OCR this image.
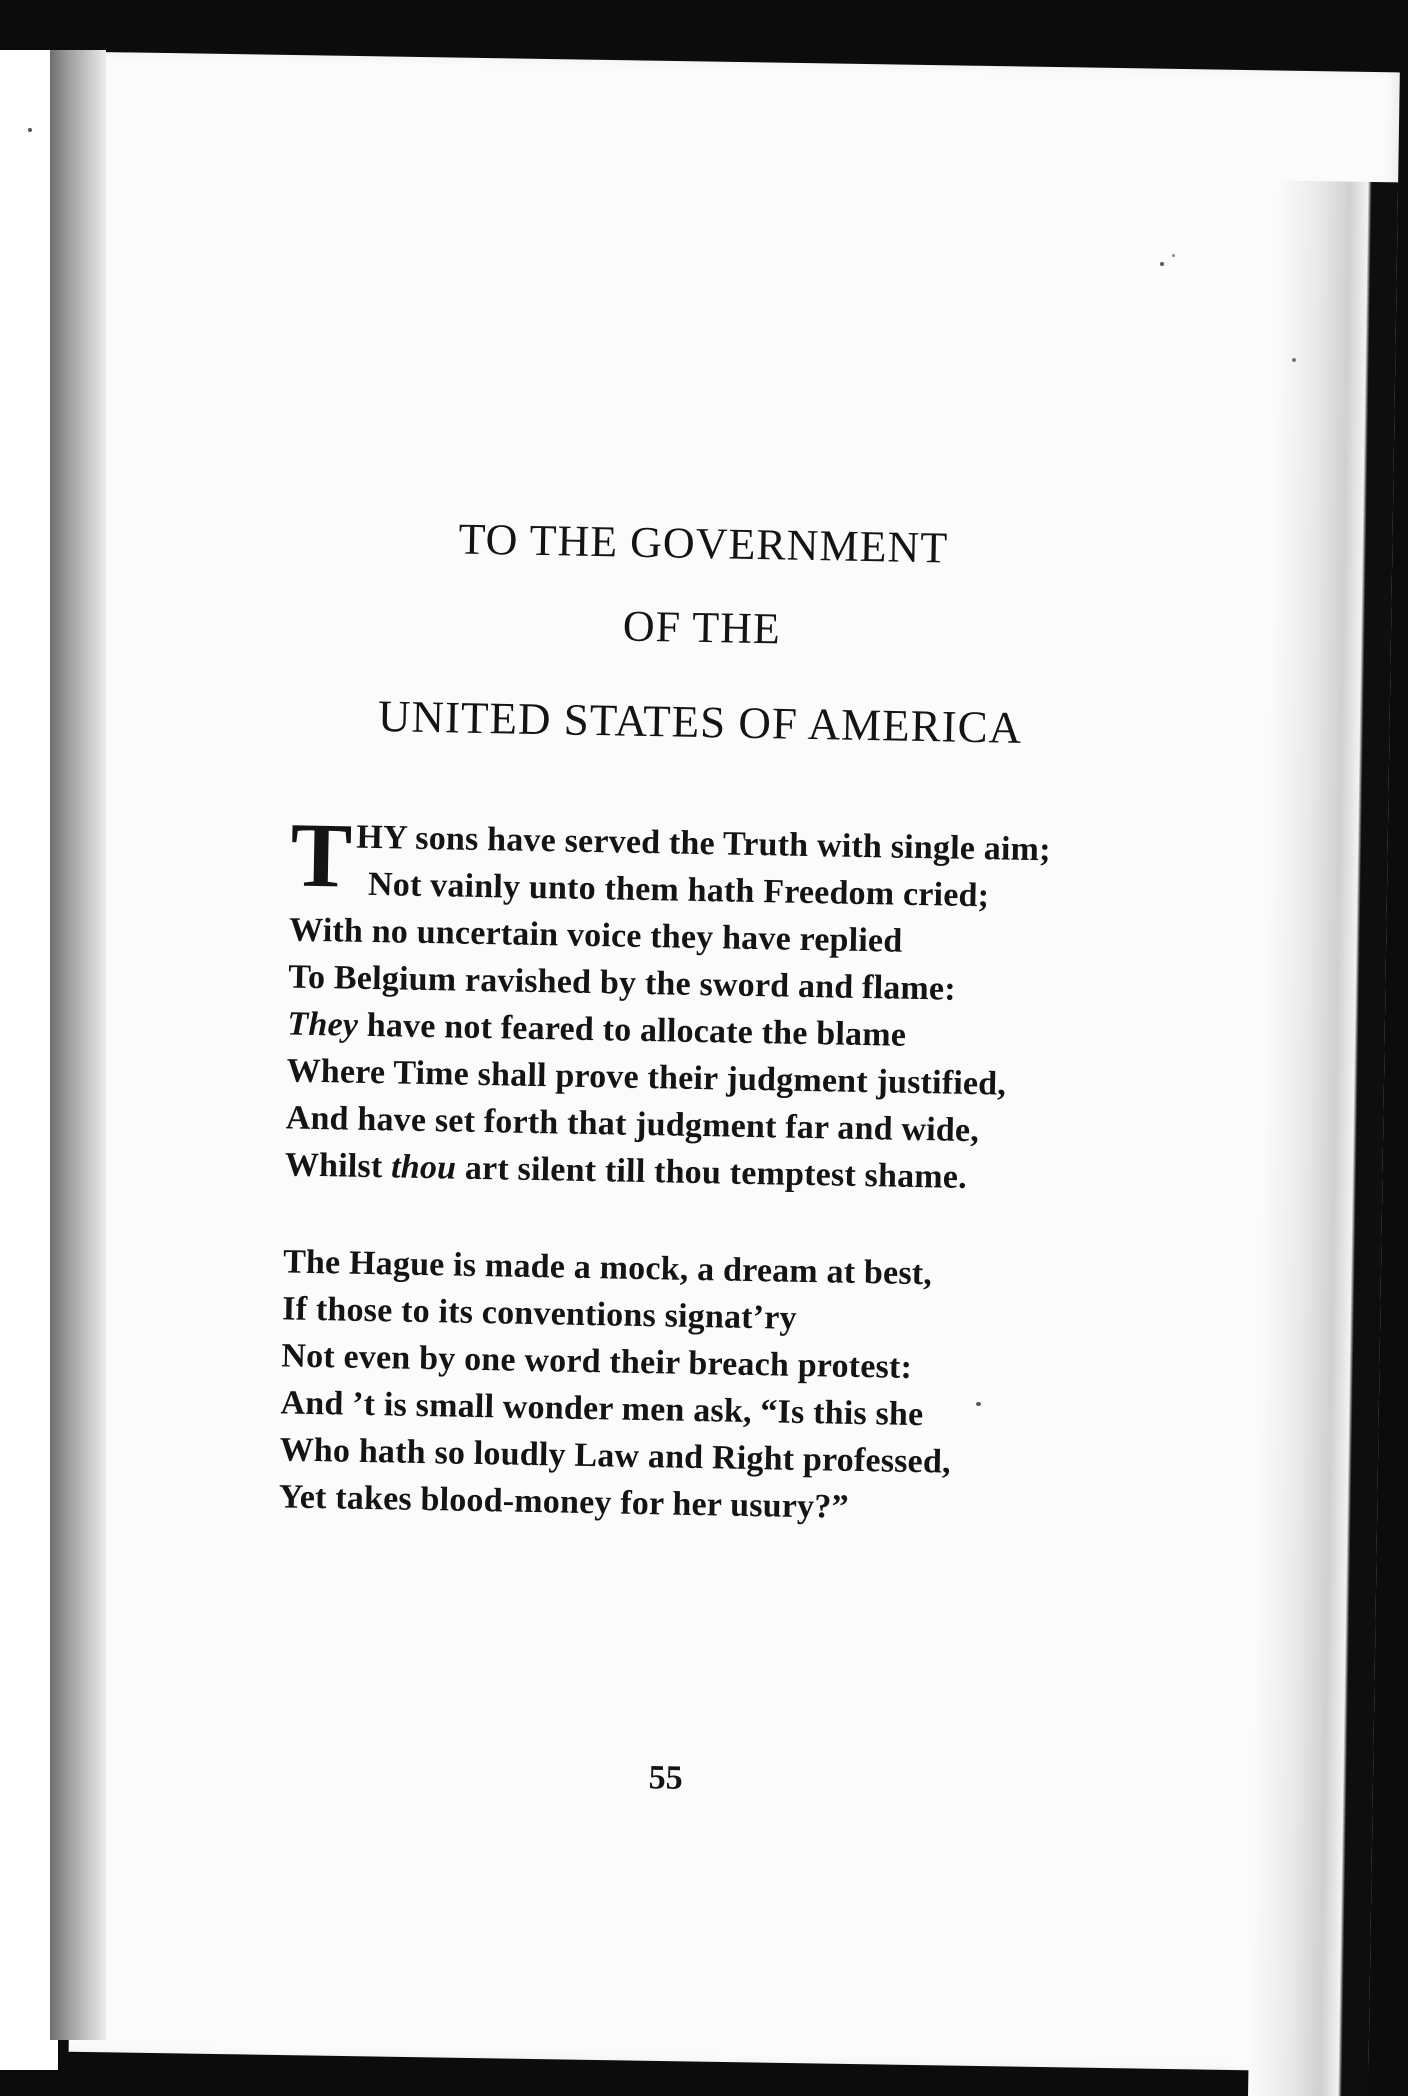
TO THE GOVERNMENT
OF THE
UNITED STATES OF AMERICA
THY sons have served the Truth with single aim;
Not vainly unto them hath Freedom cried;
With no uncertain voice they have replied
To Belgium ravished by the sword and flame:
They have not feared to allocate the blame
Where Time shall prove their judgment justified,
And have set forth that judgment far and wide,
Whilst thou art silent till thou temptest shame.
The Hague is made a mock, a dream at best,
If those to its conventions signat’ry
Not even by one word their breach protest:
And ’t is small wonder men ask, “Is this she
Who hath so loudly Law and Right professed,
Yet takes blood-money for her usury?”
55
